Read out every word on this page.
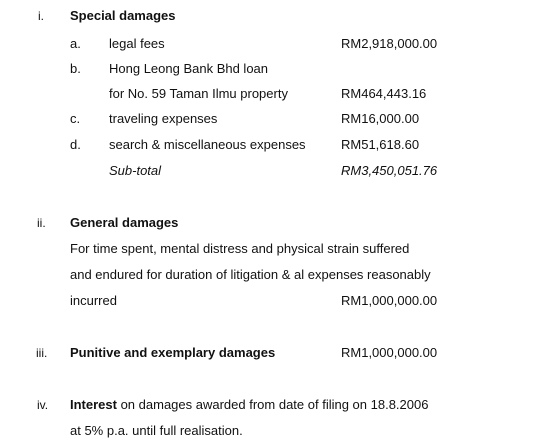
i. Special damages
a. legal fees	RM2,918,000.00
b. Hong Leong Bank Bhd loan
for No. 59 Taman Ilmu property	RM464,443.16
c. traveling expenses	RM16,000.00
d. search & miscellaneous expenses	RM51,618.60
Sub-total	RM3,450,051.76
ii. General damages
For time spent, mental distress and physical strain suffered
and endured for duration of litigation & al expenses reasonably
incurred	RM1,000,000.00
iii. Punitive and exemplary damages	RM1,000,000.00
iv. Interest on damages awarded from date of filing on 18.8.2006
at 5% p.a. until full realisation.
